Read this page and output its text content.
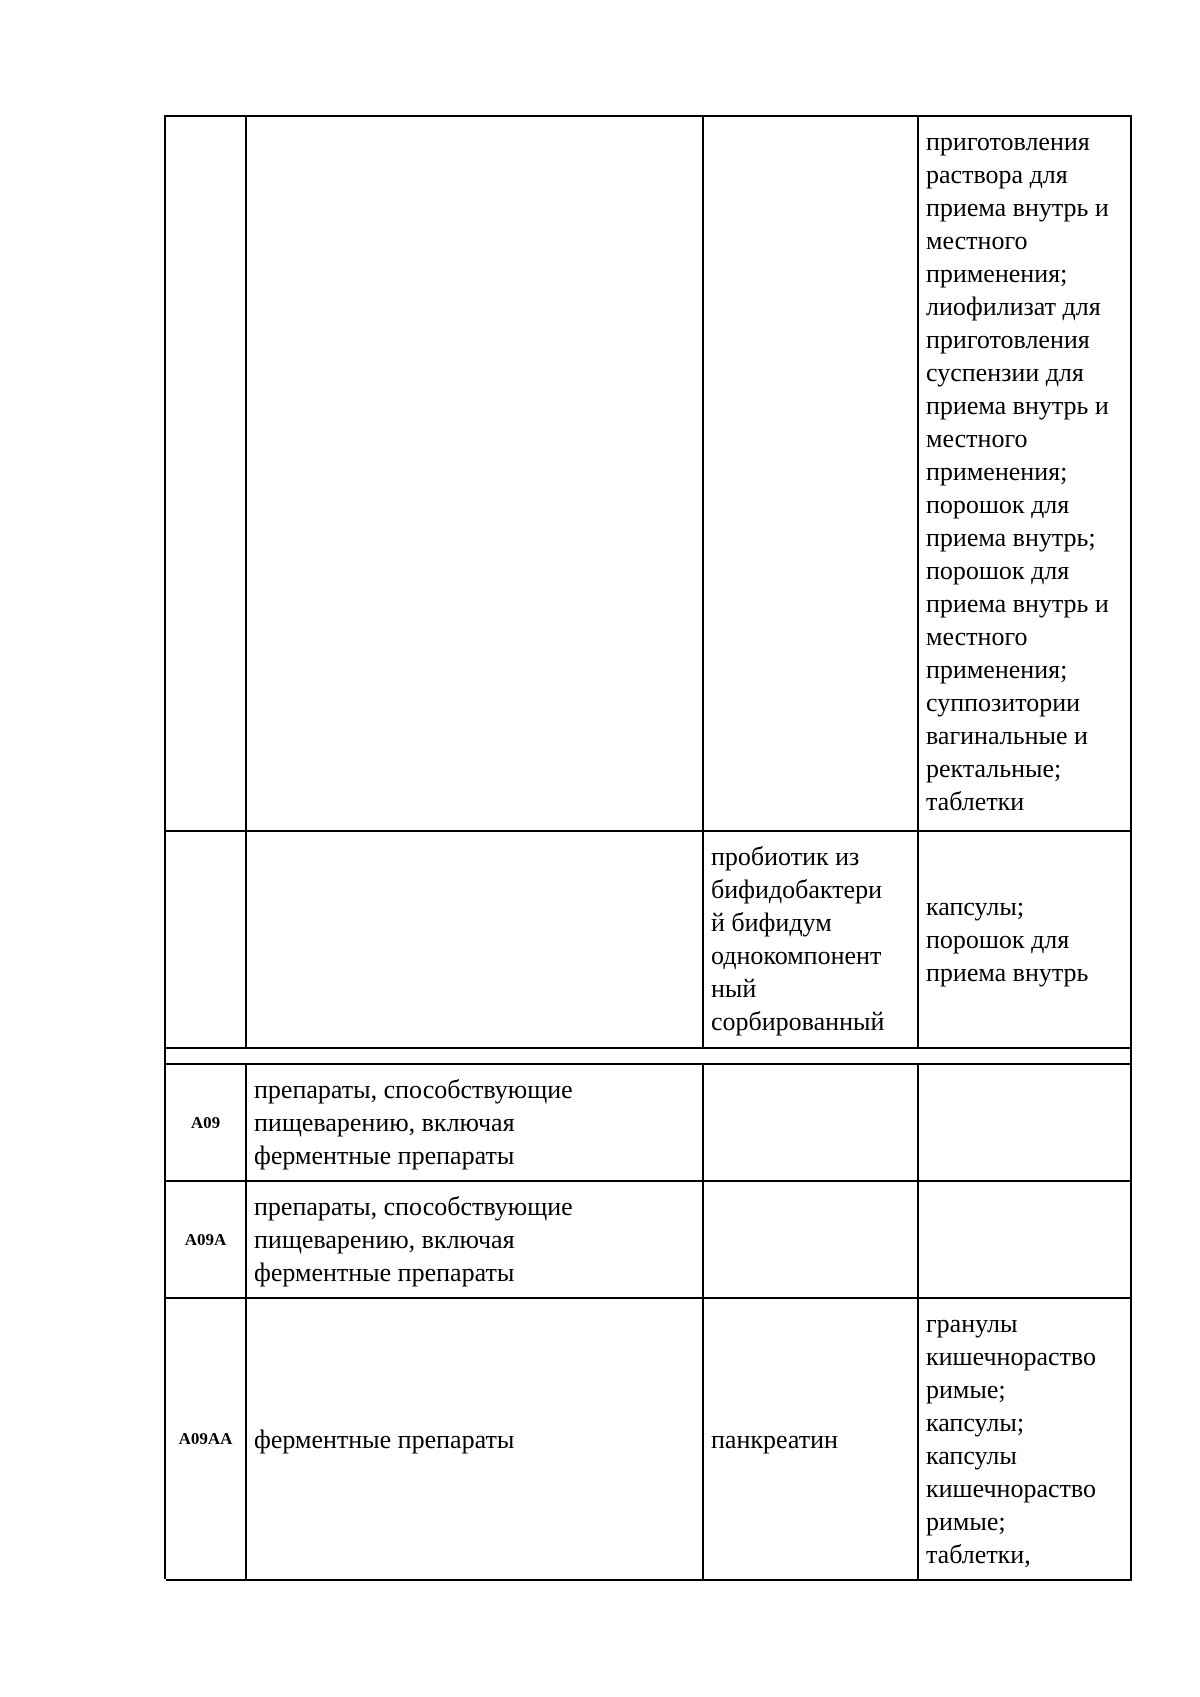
приготовления
раствора для
приема внутрь и
местного
применения;
лиофилизат для
приготовления
суспензии для
приема внутрь и
местного
применения;
порошок для
приема внутрь;
порошок для
приема внутрь и
местного
применения;
суппозитории
вагинальные и
ректальные;
таблетки
пробиотик из
бифидобактери
й бифидум
однокомпонент
ный
сорбированный
капсулы;
порошок для
приема внутрь
A09
препараты, способствующие
пищеварению, включая
ферментные препараты
A09A
препараты, способствующие
пищеварению, включая
ферментные препараты
A09AA ферментные препараты	панкреатин
гранулы
кишечнораство
римые;
капсулы;
капсулы
кишечнораство
римые;
таблетки,
